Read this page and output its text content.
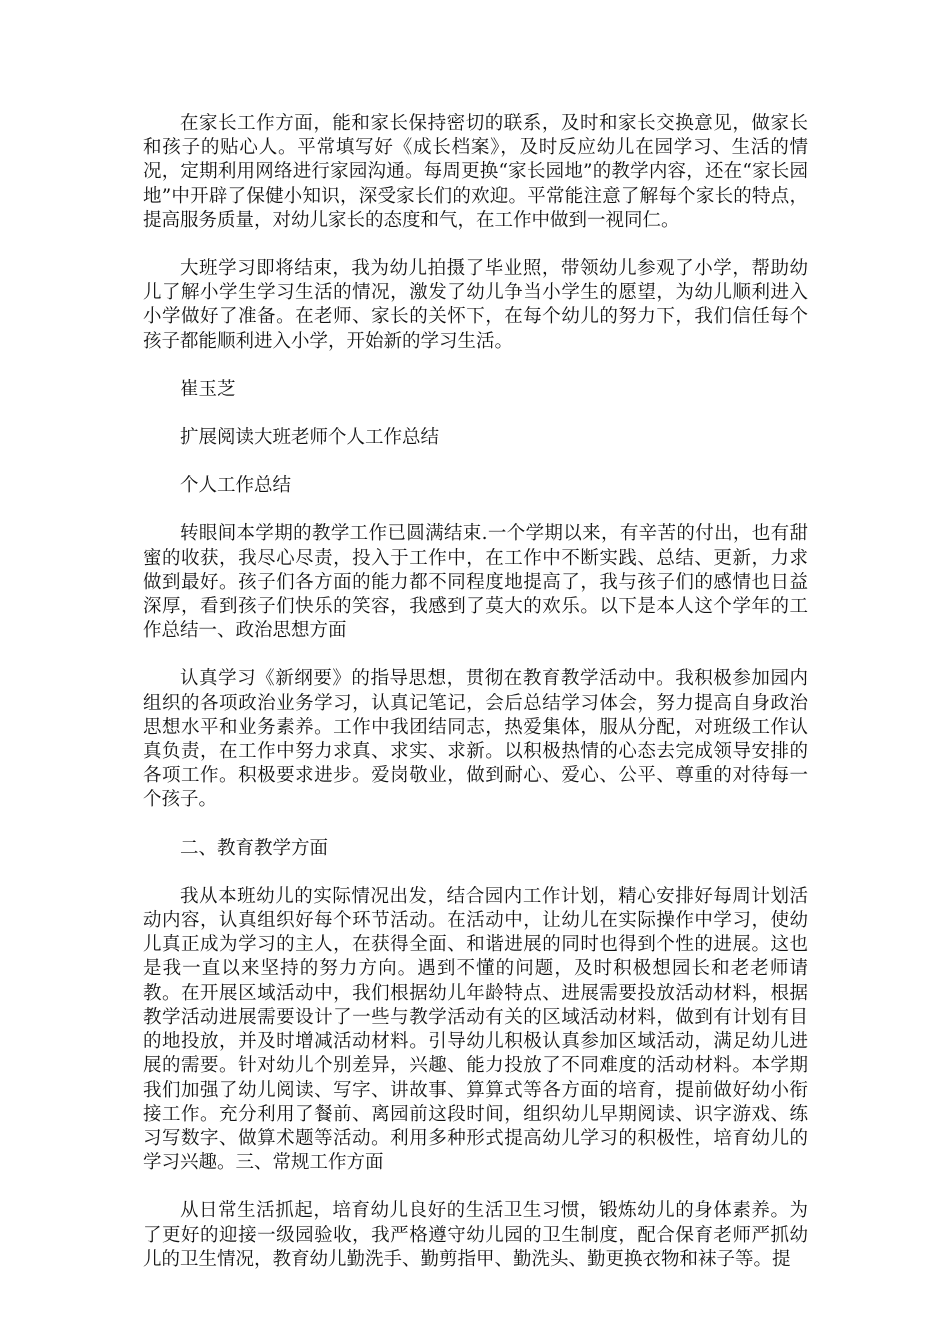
在家长工作方面，能和家长保持密切的联系，及时和家长交换意见，做家长和孩子的贴心人。平常填写好《成长档案》，及时反应幼儿在园学习、生活的情况，定期利用网络进行家园沟通。每周更换“家长园地”的教学内容，还在“家长园地”中开辟了保健小知识，深受家长们的欢迎。平常能注意了解每个家长的特点，提高服务质量，对幼儿家长的态度和气，在工作中做到一视同仁。

大班学习即将结束，我为幼儿拍摄了毕业照，带领幼儿参观了小学，帮助幼儿了解小学生学习生活的情况，激发了幼儿争当小学生的愿望，为幼儿顺利进入小学做好了准备。在老师、家长的关怀下，在每个幼儿的努力下，我们信任每个孩子都能顺利进入小学，开始新的学习生活。

崔玉芝

扩展阅读大班老师个人工作总结

个人工作总结

转眼间本学期的教学工作已圆满结束.一个学期以来，有辛苦的付出，也有甜蜜的收获，我尽心尽责，投入于工作中，在工作中不断实践、总结、更新，力求做到最好。孩子们各方面的能力都不同程度地提高了，我与孩子们的感情也日益深厚，看到孩子们快乐的笑容，我感到了莫大的欢乐。以下是本人这个学年的工作总结一、政治思想方面

认真学习《新纲要》的指导思想，贯彻在教育教学活动中。我积极参加园内组织的各项政治业务学习，认真记笔记，会后总结学习体会，努力提高自身政治思想水平和业务素养。工作中我团结同志，热爱集体，服从分配，对班级工作认真负责，在工作中努力求真、求实、求新。以积极热情的心态去完成领导安排的各项工作。积极要求进步。爱岗敬业，做到耐心、爱心、公平、尊重的对待每一个孩子。

二、教育教学方面

我从本班幼儿的实际情况出发，结合园内工作计划，精心安排好每周计划活动内容，认真组织好每个环节活动。在活动中，让幼儿在实际操作中学习，使幼儿真正成为学习的主人，在获得全面、和谐进展的同时也得到个性的进展。这也是我一直以来坚持的努力方向。遇到不懂的问题，及时积极想园长和老老师请教。在开展区域活动中，我们根据幼儿年龄特点、进展需要投放活动材料，根据教学活动进展需要设计了一些与教学活动有关的区域活动材料，做到有计划有目的地投放，并及时增减活动材料。引导幼儿积极认真参加区域活动，满足幼儿进展的需要。针对幼儿个别差异，兴趣、能力投放了不同难度的活动材料。本学期我们加强了幼儿阅读、写字、讲故事、算算式等各方面的培育，提前做好幼小衔接工作。充分利用了餐前、离园前这段时间，组织幼儿早期阅读、识字游戏、练习写数字、做算术题等活动。利用多种形式提高幼儿学习的积极性，培育幼儿的学习兴趣。三、常规工作方面

从日常生活抓起，培育幼儿良好的生活卫生习惯，锻炼幼儿的身体素养。为了更好的迎接一级园验收，我严格遵守幼儿园的卫生制度，配合保育老师严抓幼儿的卫生情况，教育幼儿勤洗手、勤剪指甲、勤洗头、勤更换衣物和袜子等。提
